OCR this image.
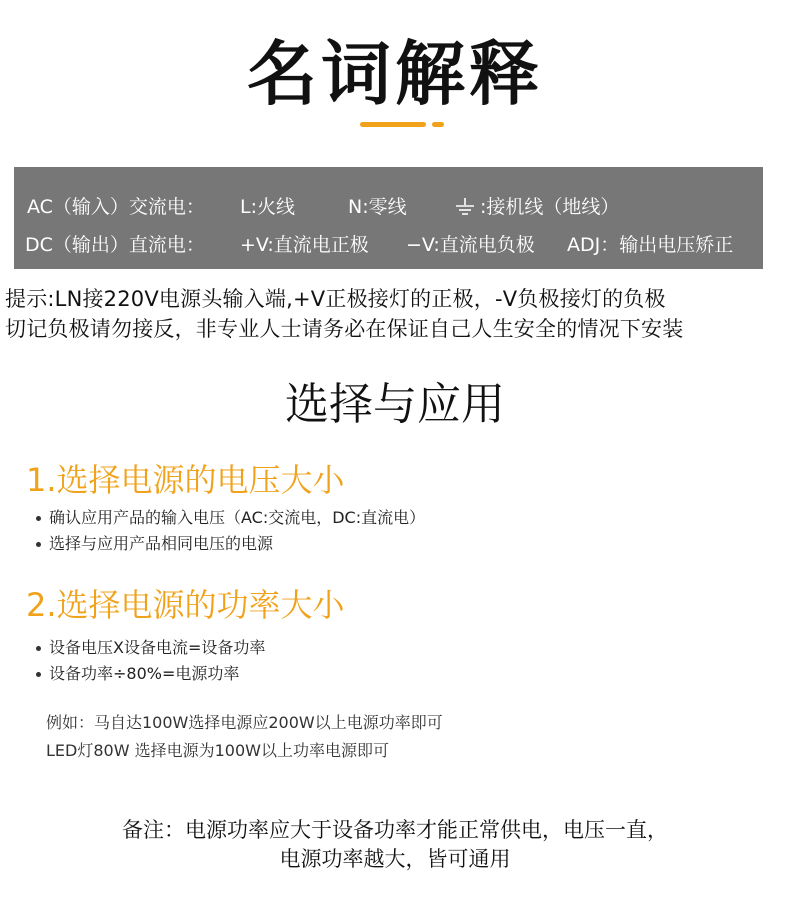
名词解释
AC（输入）交流电： L:火线	N:零线	:接机线（地线）
DC（输出）直流电： +V:直流电正极 −V:直流电负极 ADJ：输出电压矫正
提示:LN接220V电源头输入端,+V正极接灯的正极，-V负极接灯的负极
切记负极请勿接反，非专业人士请务必在保证自己人生安全的情况下安装
选择与应用
1.选择电源的电压大小
确认应用产品的输入电压（AC:交流电，DC:直流电）
选择与应用产品相同电压的电源
2.选择电源的功率大小
设备电压X设备电流=设备功率
设备功率÷80%=电源功率
例如：马自达100W选择电源应200W以上电源功率即可
LED灯80W 选择电源为100W以上功率电源即可
备注：电源功率应大于设备功率才能正常供电，电压一直，
电源功率越大，皆可通用
